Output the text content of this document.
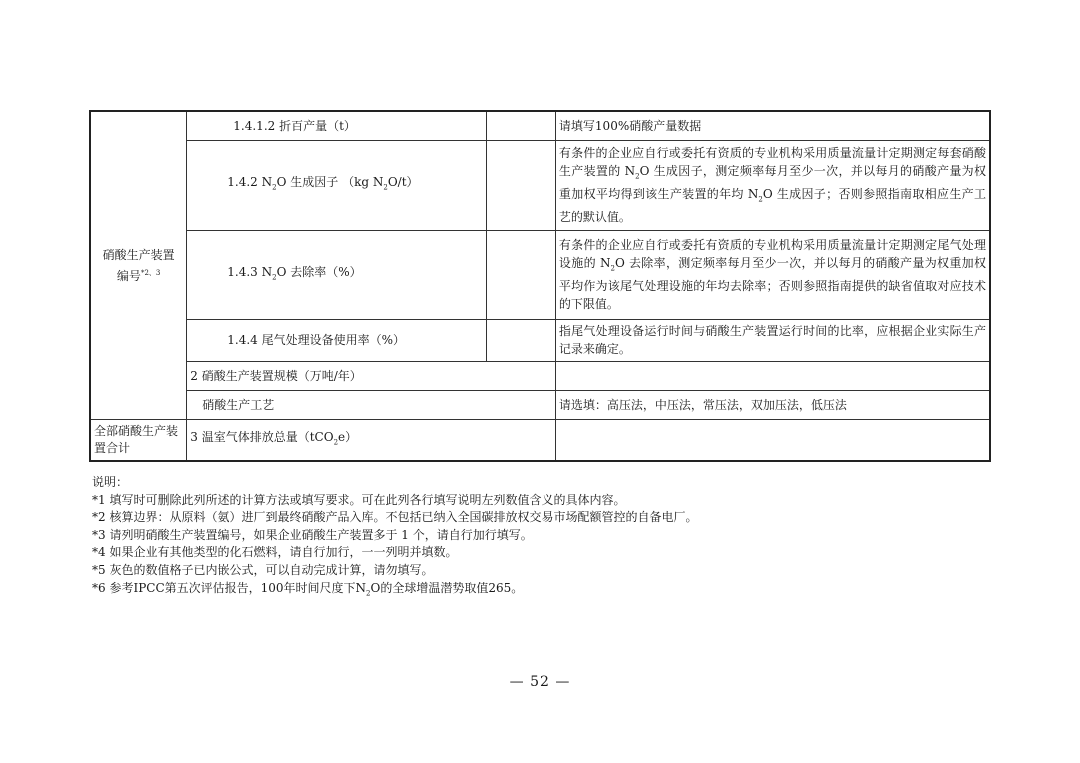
硝酸生产装置
编号$^{*2、3}$	1.4.1.2 折百产量（t）		请填写100%硝酸产量数据
	1.4.2 $N_2O$ 生成因子 （kg $N_2O/t$）		有条件的企业应自行或委托有资质的专业机构采用质量流量计定期测定每套硝酸生产装置的 $N_2O$ 生成因子，测定频率每月至少一次，并以每月的硝酸产量为权重加权平均得到该生产装置的年均 $N_2O$ 生成因子；否则参照指南取相应生产工艺的默认值。
	1.4.3 $N_2O$ 去除率（%）		有条件的企业应自行或委托有资质的专业机构采用质量流量计定期测定尾气处理设施的 $N_2O$ 去除率，测定频率每月至少一次，并以每月的硝酸产量为权重加权平均作为该尾气处理设施的年均去除率；否则参照指南提供的缺省值取对应技术的下限值。
	1.4.4 尾气处理设备使用率（%）		指尾气处理设备运行时间与硝酸生产装置运行时间的比率，应根据企业实际生产记录来确定。
	2 硝酸生产装置规模（万吨/年）		
	硝酸生产工艺		请选填：高压法，中压法，常压法，双加压法，低压法
全部硝酸生产装置合计	3 温室气体排放总量（tCO$_2$e）		
说明：
*1 填写时可删除此列所述的计算方法或填写要求。可在此列各行填写说明左列数值含义的具体内容。
*2 核算边界：从原料（氨）进厂到最终硝酸产品入库。不包括已纳入全国碳排放权交易市场配额管控的自备电厂。
*3 请列明硝酸生产装置编号，如果企业硝酸生产装置多于 1 个，请自行加行填写。
*4 如果企业有其他类型的化石燃料，请自行加行，一一列明并填数。
*5 灰色的数值格子已内嵌公式，可以自动完成计算，请勿填写。
*6 参考IPCC第五次评估报告，100年时间尺度下$N_2O$的全球增温潜势取值265。
— 52 —
